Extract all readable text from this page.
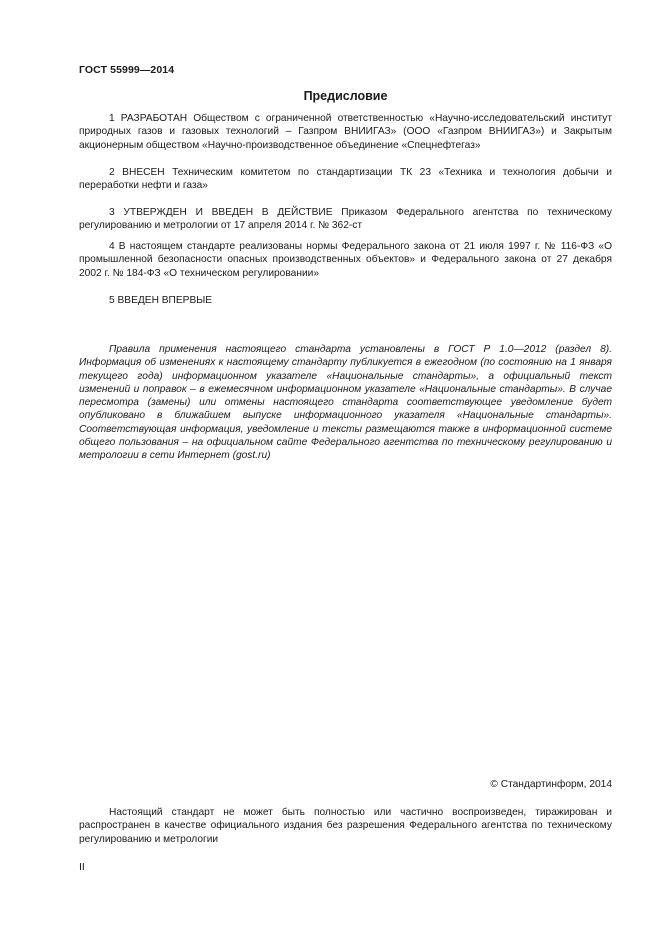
ГОСТ 55999—2014
Предисловие

1 РАЗРАБОТАН Обществом с ограниченной ответственностью «Научно-исследовательский институт природных газов и газовых технологий – Газпром ВНИИГАЗ» (ООО «Газпром ВНИИГАЗ») и Закрытым акционерным обществом «Научно-производственное объединение «Спецнефтегаз»

2 ВНЕСЕН Техническим комитетом по стандартизации ТК 23 «Техника и технология добычи и переработки нефти и газа»

3 УТВЕРЖДЕН И ВВЕДЕН В ДЕЙСТВИЕ Приказом Федерального агентства по техническому регулированию и метрологии от 17 апреля 2014 г. № 362-ст

4 В настоящем стандарте реализованы нормы Федерального закона от 21 июля 1997 г. № 116-ФЗ «О промышленной безопасности опасных производственных объектов» и Федерального закона от 27 декабря 2002 г. № 184-ФЗ «О техническом регулировании»

5 ВВЕДЕН ВПЕРВЫЕ

Правила применения настоящего стандарта установлены в ГОСТ Р 1.0—2012 (раздел 8). Информация об изменениях к настоящему стандарту публикуется в ежегодном (по состоянию на 1 января текущего года) информационном указателе «Национальные стандарты», а официальный текст изменений и поправок – в ежемесячном информационном указателе «Национальные стандарты». В случае пересмотра (замены) или отмены настоящего стандарта соответствующее уведомление будет опубликовано в ближайшем выпуске информационного указателя «Национальные стандарты». Соответствующая информация, уведомление и тексты размещаются также в информационной системе общего пользования – на официальном сайте Федерального агентства по техническому регулированию и метрологии в сети Интернет (gost.ru)

© Стандартинформ, 2014

Настоящий стандарт не может быть полностью или частично воспроизведен, тиражирован и распространен в качестве официального издания без разрешения Федерального агентства по техническому регулированию и метрологии

II
